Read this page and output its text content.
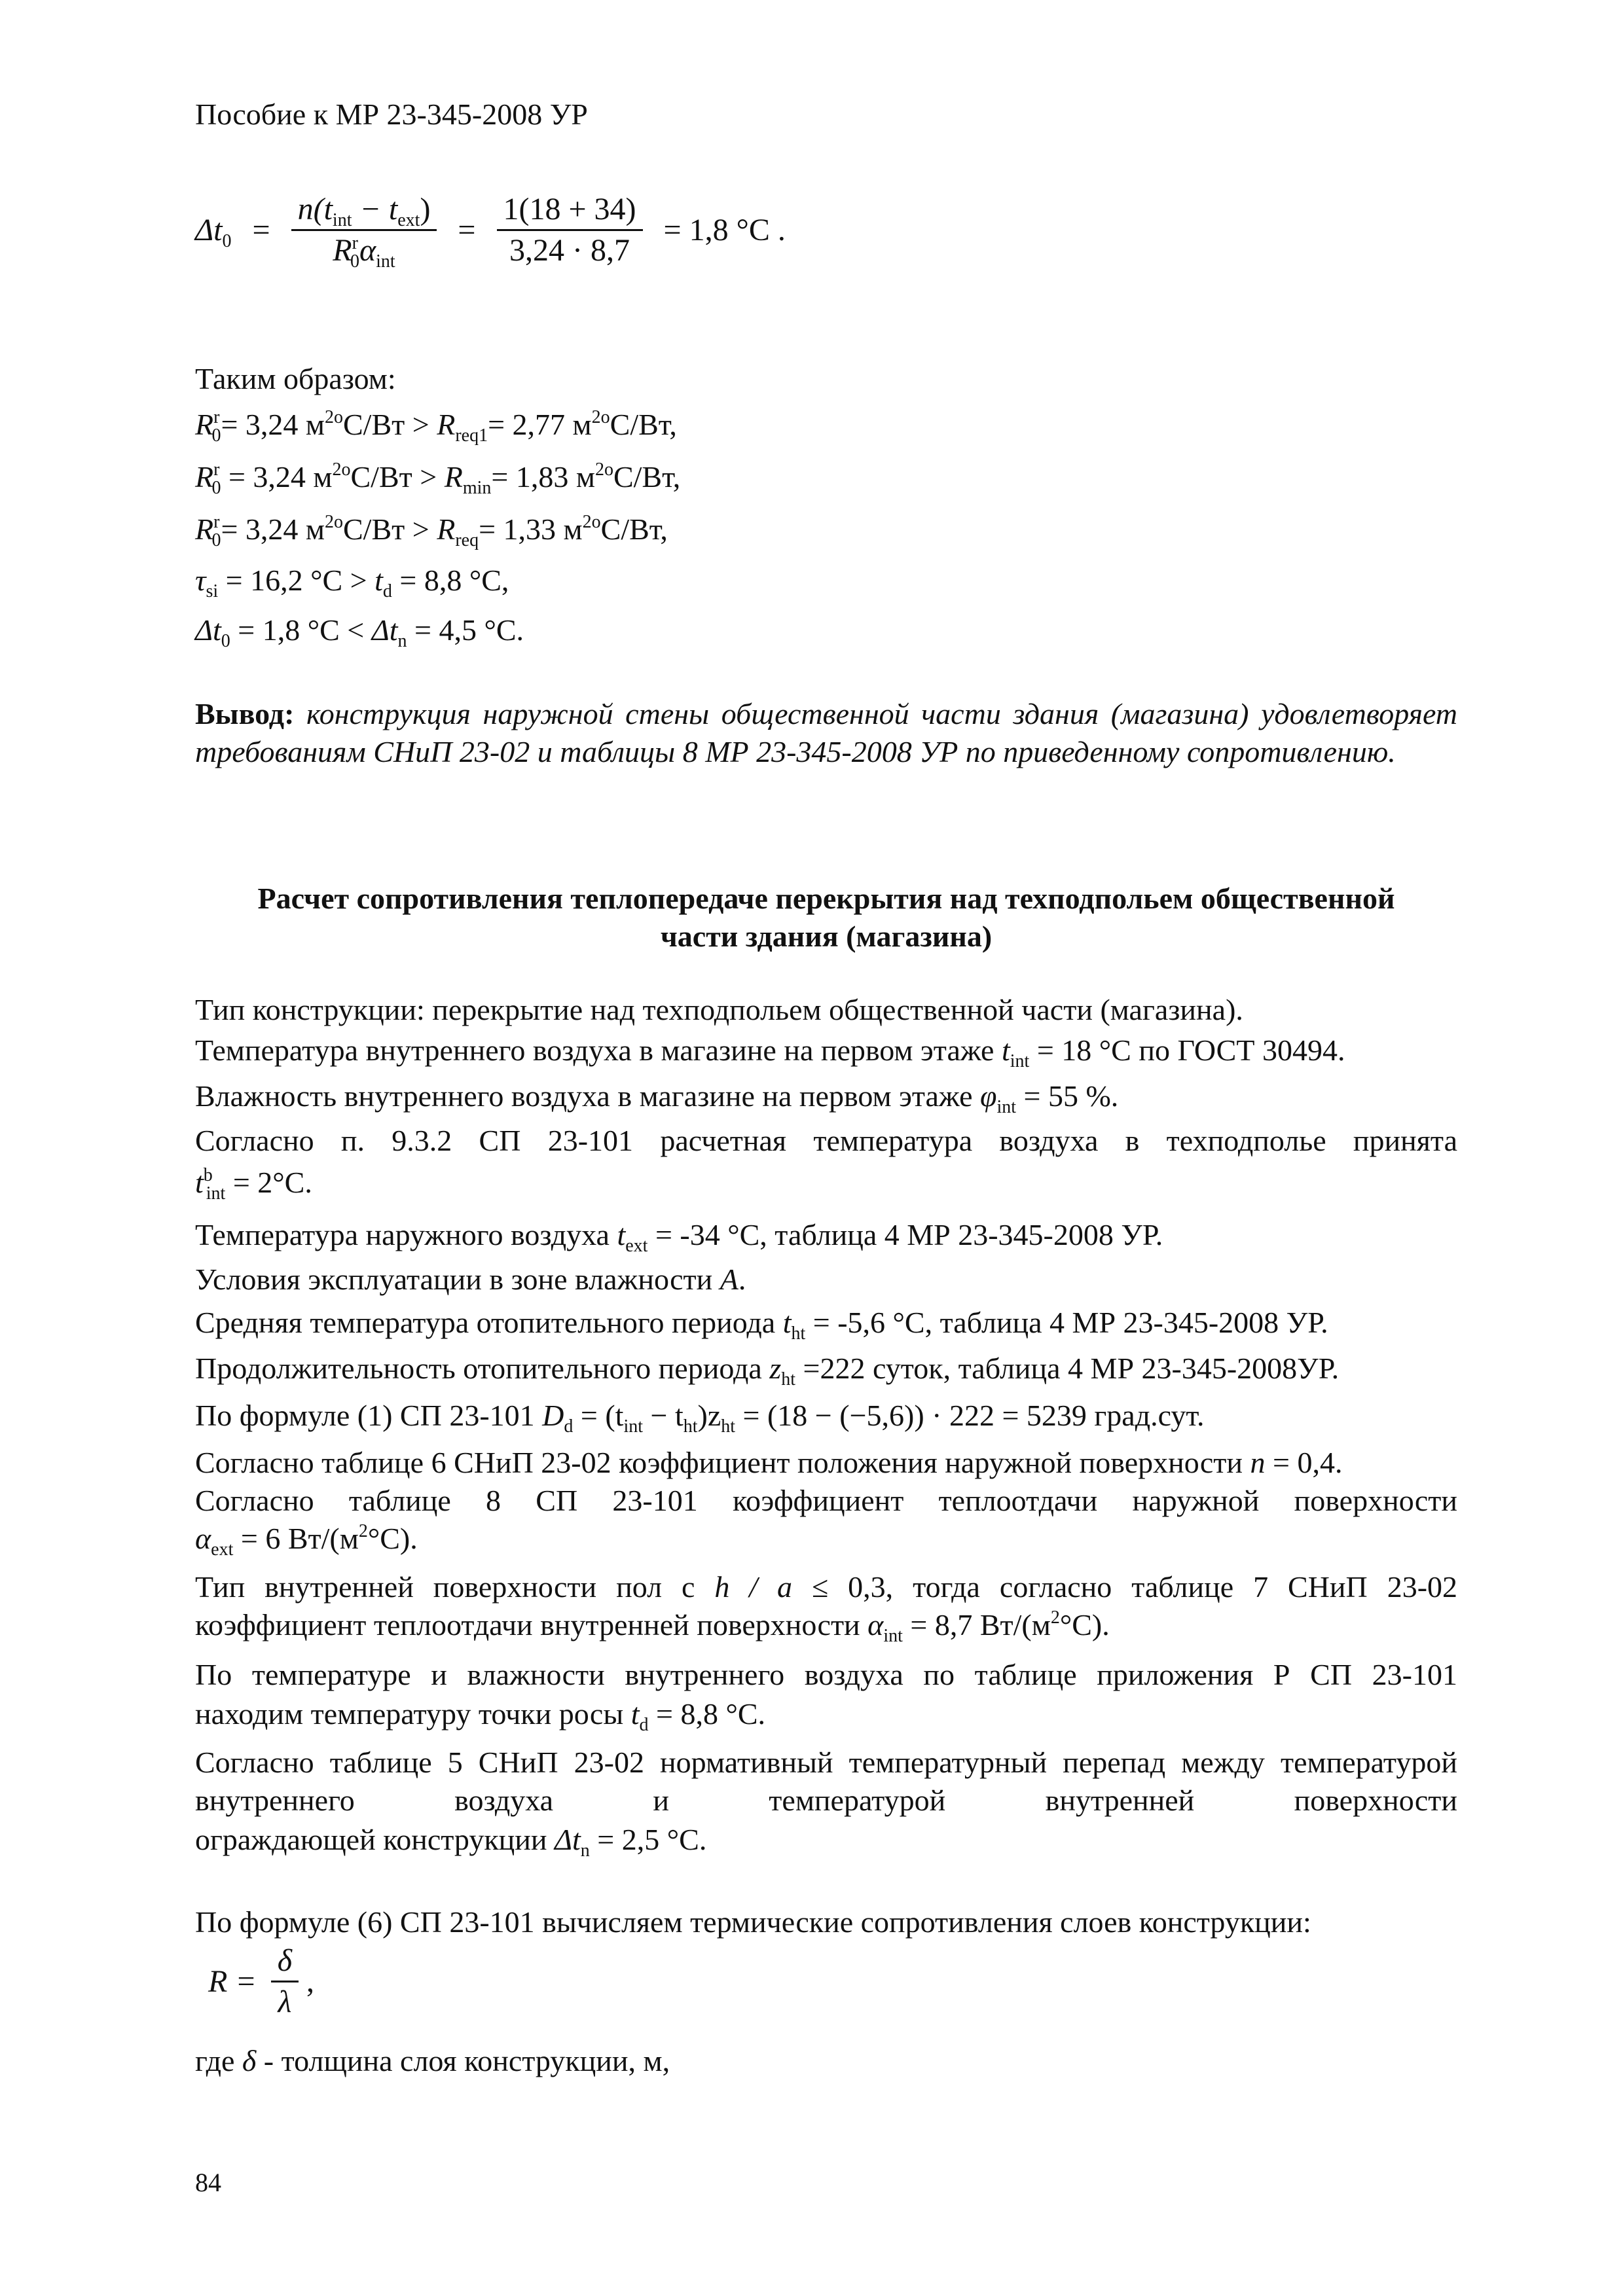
Пособие к МР 23-345-2008 УР
$\Delta t_0 = \frac{n(t_{int} - t_{ext})}{R^r_0\alpha_{int}} = \frac{1(18 + 34)}{3,24 \cdot 8,7} = 1,8$ °C .
Таким образом:
$R^r_0= 3,24$ $м^{2o}С/Вт > R_{req1}= 2,77$ $м^{2o}С/Вт$,
$R^r_0 = 3,24$ $м^{2o}С/Вт > R_{min}= 1,83$ $м^{2o}С/Вт$,
$R^r_0= 3,24$ $м^{2o}С/Вт > R_{req}= 1,33$ $м^{2o}С/Вт$,
$\tau_{si} = 16,2$ $^\circ С > t_d = 8,8$ °С,
$\Delta t_0 = 1,8$ $^\circ С < \Delta t_n = 4,5$ °С.
Вывод: конструкция наружной стены общественной части здания (магазина) удовлетворяет требованиям СНиП 23-02 и таблицы 8 МР 23-345-2008 УР по приведенному сопротивлению.
Расчет сопротивления теплопередаче перекрытия над техподпольем общественной
части здания (магазина)
Тип конструкции: перекрытие над техподпольем общественной части (магазина).
Температура внутреннего воздуха в магазине на первом этаже $t_{int} = 18$ °С по ГОСТ 30494.
Влажность внутреннего воздуха в магазине на первом этаже $\varphi_{int} = 55$ %.
Согласно п. 9.3.2 СП 23-101 расчетная температура воздуха в техподполье принята
$t^b_{int} = 2^\circ С$.
Температура наружного воздуха $t_{ext} = -34$ °С, таблица 4 МР 23-345-2008 УР.
Условия эксплуатации в зоне влажности А.
Средняя температура отопительного периода $t_{ht} = -5,6$ °С, таблица 4 МР 23-345-2008 УР.
Продолжительность отопительного периода $z_{ht} =222$ суток, таблица 4 МР 23-345-2008УР.
По формуле (1) СП 23-101 $D_d = (t_{int} - t_{ht})z_{ht} = (18 - (-5,6)) \cdot 222 = 5239$ град.сут.
Согласно таблице 6 СНиП 23-02 коэффициент положения наружной поверхности n = 0,4.
Согласно таблице 8 СП 23-101 коэффициент теплоотдачи наружной поверхности
$\alpha_{ext} = 6$ $Вт/(м^2^\circ С)$.
Тип внутренней поверхности пол с h / a ≤ 0,3, тогда согласно таблице 7 СНиП 23-02
коэффициент теплоотдачи внутренней поверхности $\alpha_{int} = 8,7$ $Вт/(м^2^\circ С)$.
По температуре и влажности внутреннего воздуха по таблице приложения Р СП 23-101
находим температуру точки росы $t_d = 8,8$ °С.
Согласно таблице 5 СНиП 23-02 нормативный температурный перепад между температурой внутреннего воздуха и температурой внутренней поверхности
ограждающей конструкции $\Delta t_n = 2,5$ °С.
По формуле (6) СП 23-101 вычисляем термические сопротивления слоев конструкции:
$R = \frac{\delta}{\lambda}$ ,
где δ - толщина слоя конструкции, м,
84
